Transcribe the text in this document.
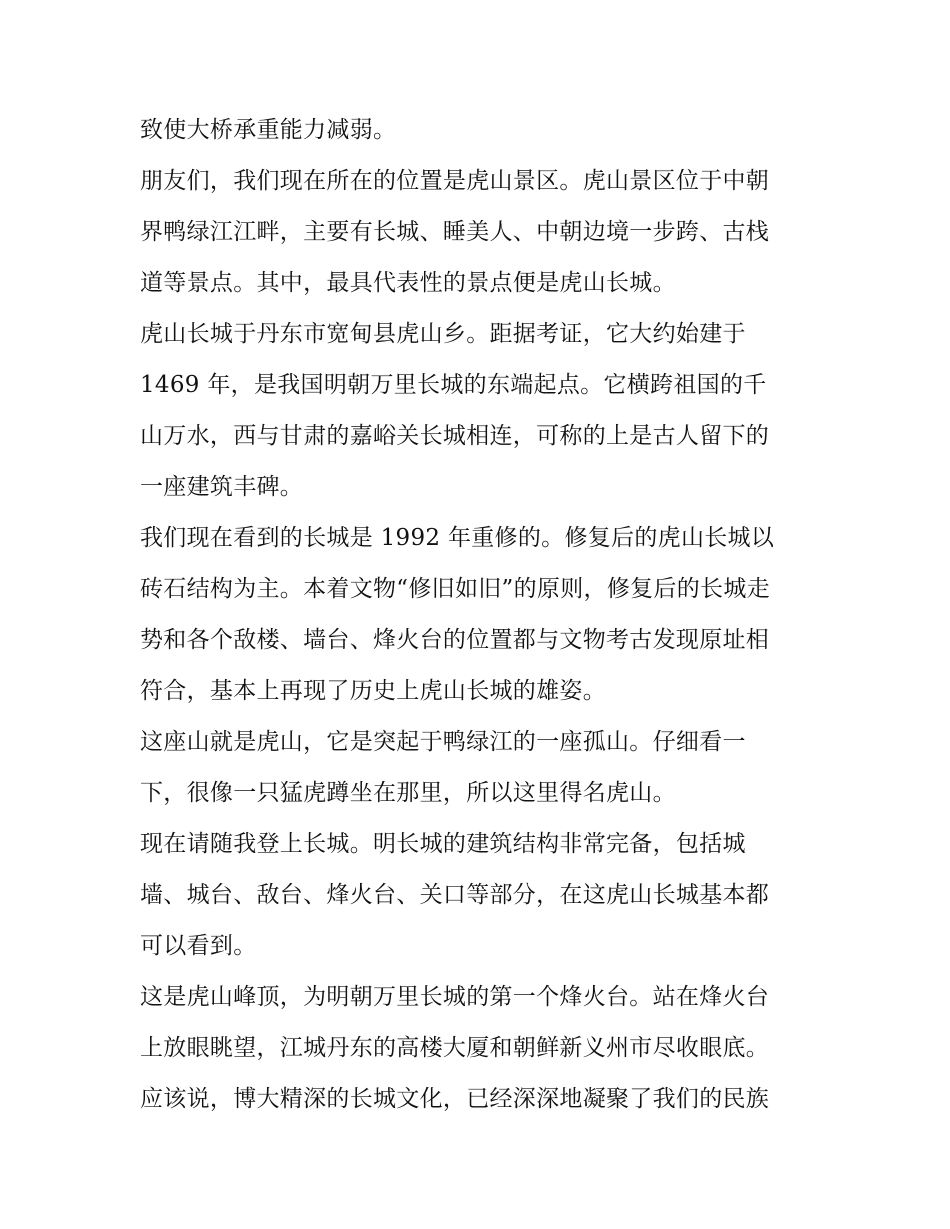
致使大桥承重能力减弱。
朋友们，我们现在所在的位置是虎山景区。虎山景区位于中朝
界鸭绿江江畔，主要有长城、睡美人、中朝边境一步跨、古栈
道等景点。其中，最具代表性的景点便是虎山长城。
虎山长城于丹东市宽甸县虎山乡。距据考证，它大约始建于
1469 年，是我国明朝万里长城的东端起点。它横跨祖国的千
山万水，西与甘肃的嘉峪关长城相连，可称的上是古人留下的
一座建筑丰碑。
我们现在看到的长城是 1992 年重修的。修复后的虎山长城以
砖石结构为主。本着文物“修旧如旧”的原则，修复后的长城走
势和各个敌楼、墙台、烽火台的位置都与文物考古发现原址相
符合，基本上再现了历史上虎山长城的雄姿。
这座山就是虎山，它是突起于鸭绿江的一座孤山。仔细看一
下，很像一只猛虎蹲坐在那里，所以这里得名虎山。
现在请随我登上长城。明长城的建筑结构非常完备，包括城
墙、城台、敌台、烽火台、关口等部分，在这虎山长城基本都
可以看到。
这是虎山峰顶，为明朝万里长城的第一个烽火台。站在烽火台
上放眼眺望，江城丹东的高楼大厦和朝鲜新义州市尽收眼底。
应该说，博大精深的长城文化，已经深深地凝聚了我们的民族
